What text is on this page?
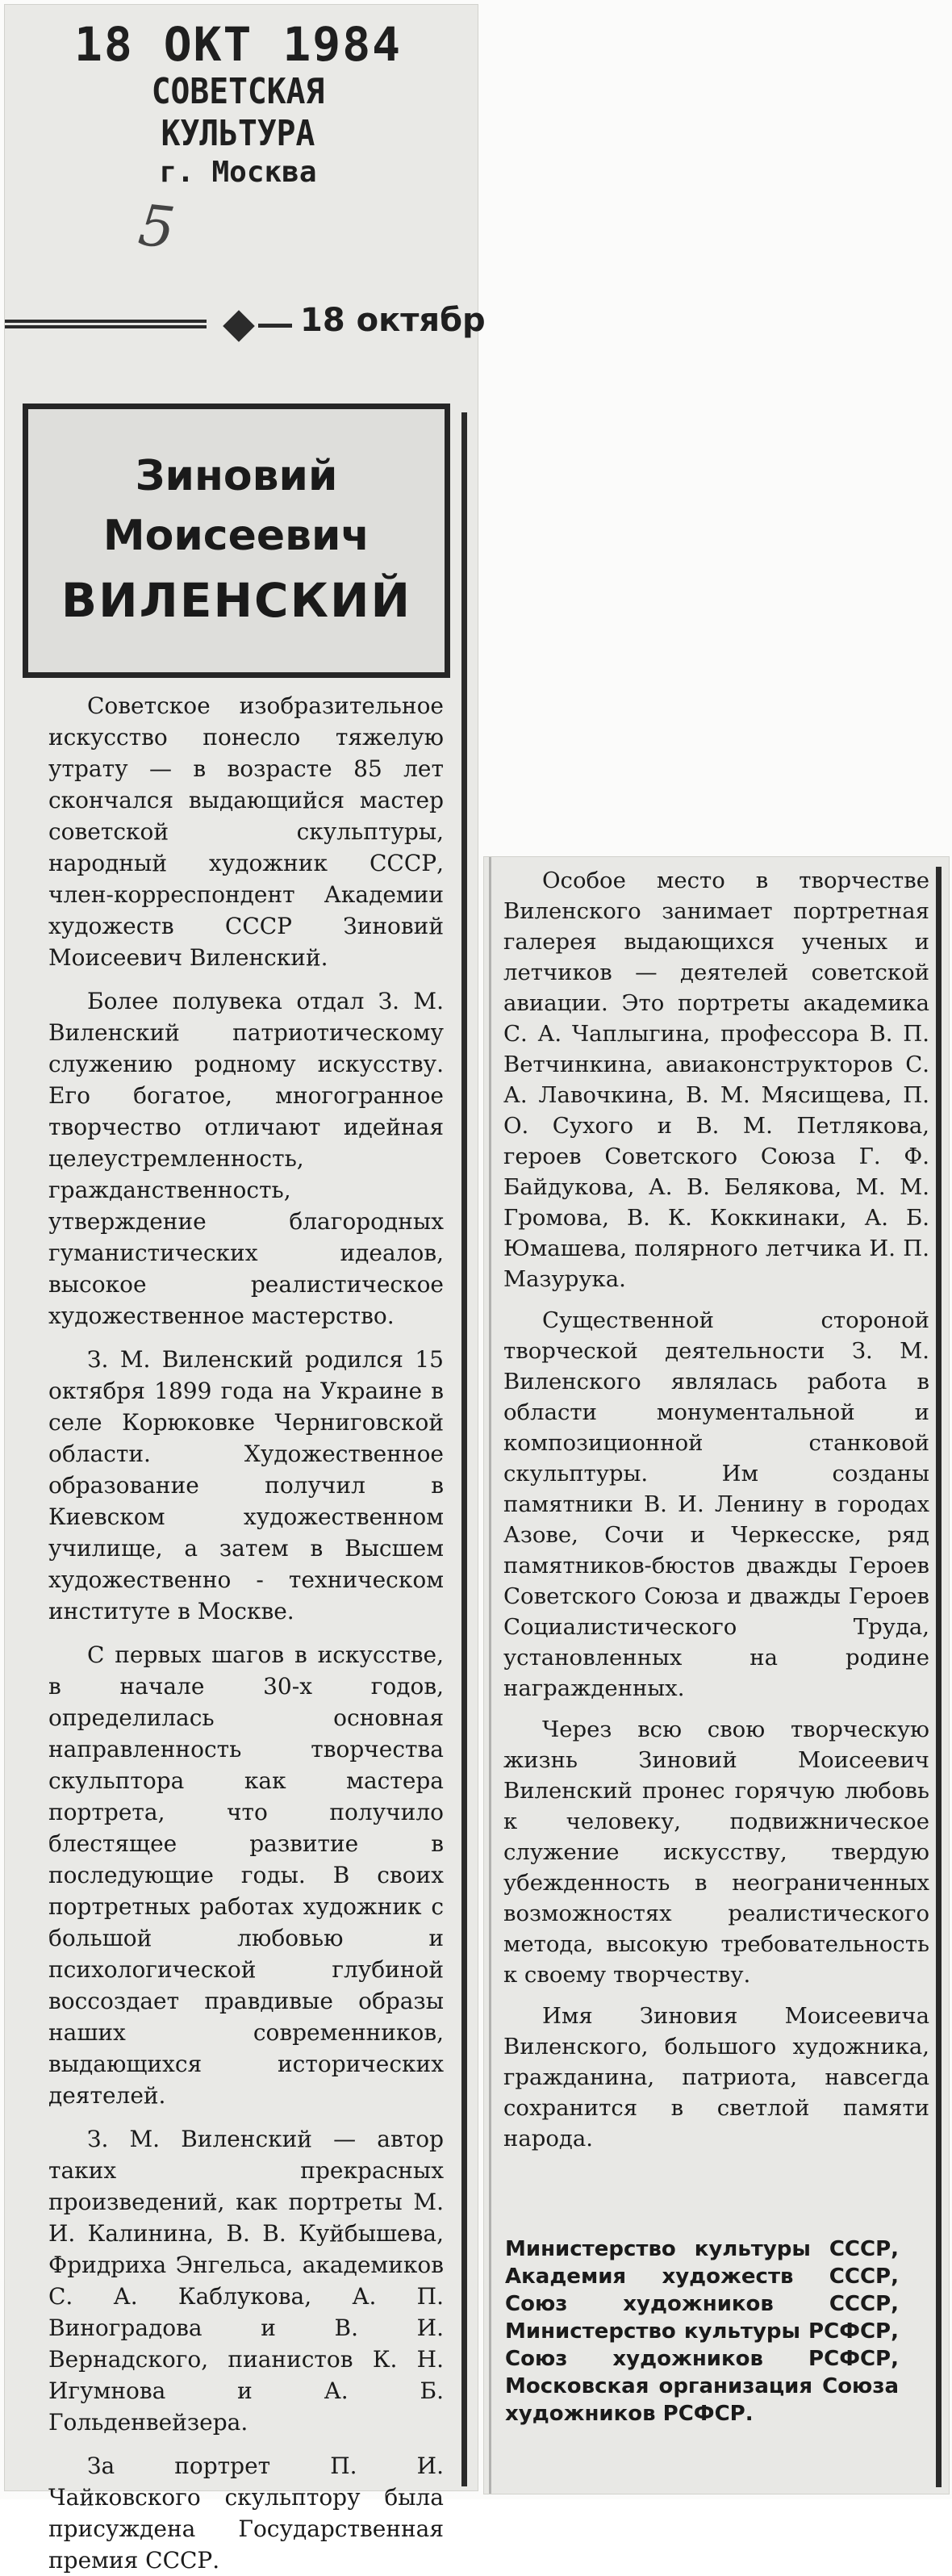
18 ОКТ 1984
СОВЕТСКАЯ КУЛЬТУРА
г. Москва
5
18 октябр
Зиновий
Моисеевич
ВИЛЕНСКИЙ

Советское изобразительное искусство понесло тяжелую утрату — в возрасте 85 лет скончался выдающийся мастер советской скульптуры, народный художник СССР, член-корреспондент Академии художеств СССР Зиновий Моисеевич Виленский.

Более полувека отдал З. М. Виленский патриотическому служению родному искусству. Его богатое, многогранное творчество отличают идейная целеустремленность, гражданственность, утверждение благородных гуманистических идеалов, высокое реалистическое художественное мастерство.

З. М. Виленский родился 15 октября 1899 года на Украине в селе Корюковке Черниговской области. Художественное образование получил в Киевском художественном училище, а затем в Высшем художественно - техническом институте в Москве.

С первых шагов в искусстве, в начале 30-х годов, определилась основная направленность творчества скульптора как мастера портрета, что получило блестящее развитие в последующие годы. В своих портретных работах художник с большой любовью и психологической глубиной воссоздает правдивые образы наших современников, выдающихся исторических деятелей.

З. М. Виленский — автор таких прекрасных произведений, как портреты М. И. Калинина, В. В. Куйбышева, Фридриха Энгельса, академиков С. А. Каблукова, А. П. Виноградова и В. И. Вернадского, пианистов К. Н. Игумнова и А. Б. Гольденвейзера.

За портрет П. И. Чайковского скульптору была присуждена Государственная премия СССР.

Особое место в творчестве Виленского занимает портретная галерея выдающихся ученых и летчиков — деятелей советской авиации. Это портреты академика С. А. Чаплыгина, профессора В. П. Ветчинкина, авиаконструкторов С. А. Лавочкина, В. М. Мясищева, П. О. Сухого и В. М. Петлякова, героев Советского Союза Г. Ф. Байдукова, А. В. Белякова, М. М. Громова, В. К. Коккинаки, А. Б. Юмашева, полярного летчика И. П. Мазурука.

Существенной стороной творческой деятельности З. М. Виленского являлась работа в области монументальной и композиционной станковой скульптуры. Им созданы памятники В. И. Ленину в городах Азове, Сочи и Черкесске, ряд памятников-бюстов дважды Героев Советского Союза и дважды Героев Социалистического Труда, установленных на родине награжденных.

Через всю свою творческую жизнь Зиновий Моисеевич Виленский пронес горячую любовь к человеку, подвижническое служение искусству, твердую убежденность в неограниченных возможностях реалистического метода, высокую требовательность к своему творчеству.

Имя Зиновия Моисеевича Виленского, большого художника, гражданина, патриота, навсегда сохранится в светлой памяти народа.

Министерство культуры СССР, Академия художеств СССР, Союз художников СССР, Министерство культуры РСФСР, Союз художников РСФСР, Московская организация Союза художников РСФСР.
